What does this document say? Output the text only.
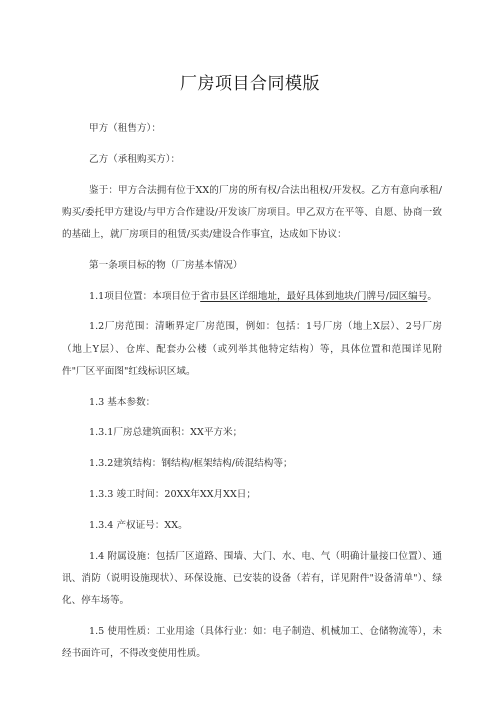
厂房项目合同模版

甲方（租售方）：

乙方（承租购买方）：

鉴于：甲方合法拥有位于XX的厂房的所有权/合法出租权/开发权。乙方有意向承租/购买/委托甲方建设/与甲方合作建设/开发该厂房项目。甲乙双方在平等、自愿、协商一致的基础上，就厂房项目的租赁/买卖/建设合作事宜，达成如下协议：

第一条项目标的物（厂房基本情况）

1.1项目位置：本项目位于省市县区详细地址，最好具体到地块/门牌号/园区编号。

1.2厂房范围：清晰界定厂房范围，例如：包括：1号厂房（地上X层）、2号厂房（地上Y层）、仓库、配套办公楼（或列举其他特定结构）等，具体位置和范围详见附件"厂区平面图"红线标识区域。

1.3 基本参数：

1.3.1厂房总建筑面积：XX平方米；

1.3.2建筑结构：钢结构/框架结构/砖混结构等；

1.3.3 竣工时间：20XX年XX月XX日；

1.3.4 产权证号：XX。

1.4 附属设施：包括厂区道路、围墙、大门、水、电、气（明确计量接口位置）、通讯、消防（说明设施现状）、环保设施、已安装的设备（若有，详见附件"设备清单"）、绿化、停车场等。

1.5 使用性质：工业用途（具体行业：如：电子制造、机械加工、仓储物流等），未经书面许可，不得改变使用性质。
